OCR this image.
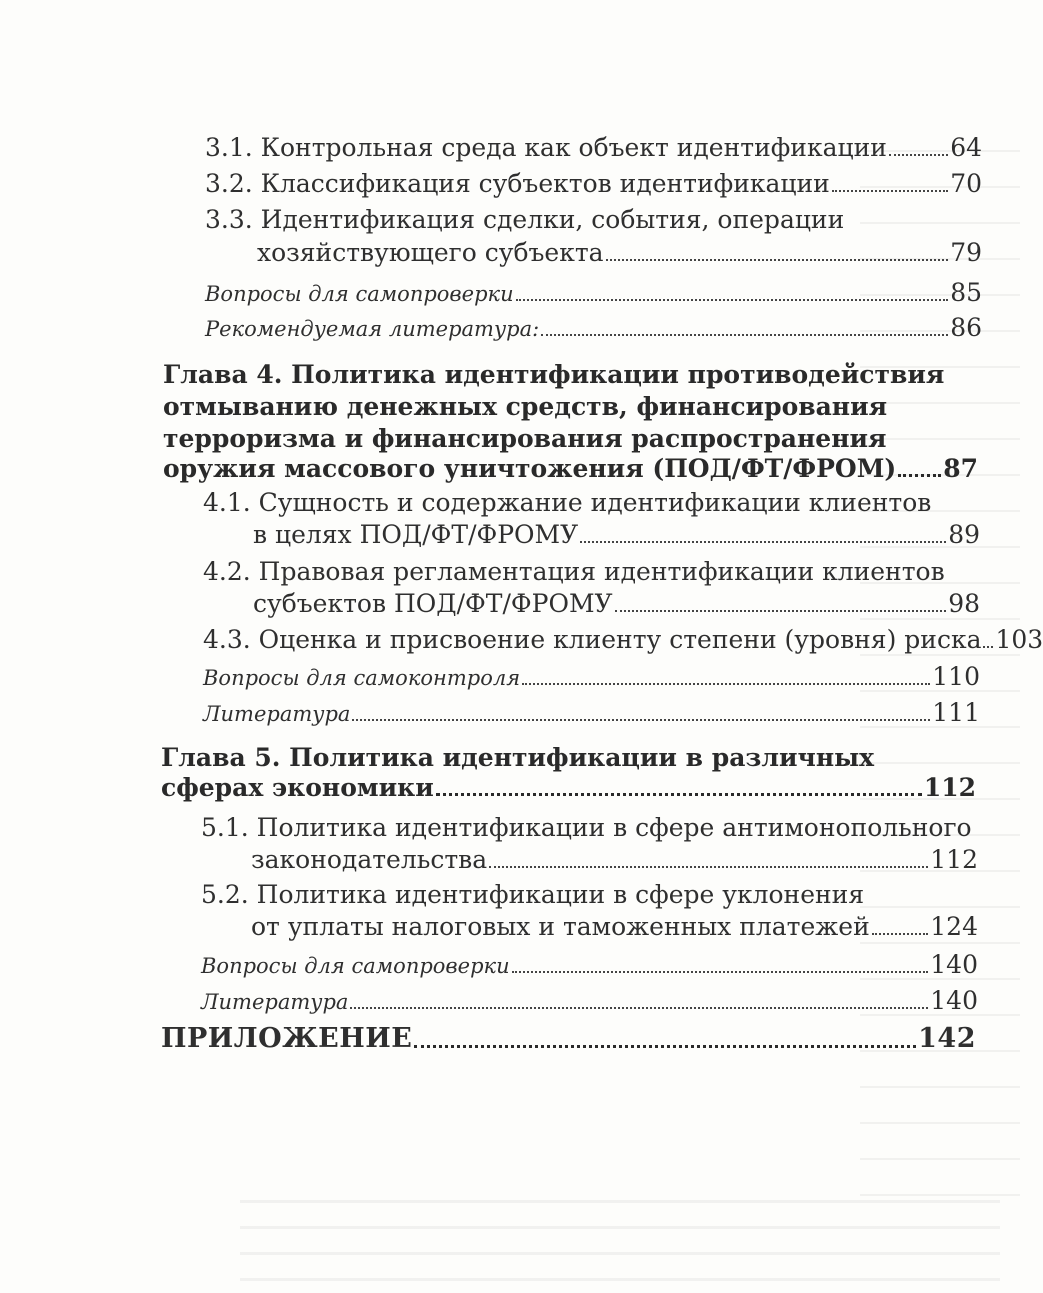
3.1. Контрольная среда как объект идентификации	64
3.2. Классификация субъектов идентификации	70
3.3. Идентификация сделки, события, операции
хозяйствующего субъекта	79
Вопросы для самопроверки	85
Рекомендуемая литература:	86
Глава 4. Политика идентификации противодействия
отмыванию денежных средств, финансирования
терроризма и финансирования распространения
оружия массового уничтожения (ПОД/ФТ/ФРОМ) 87
4.1. Сущность и содержание идентификации клиентов
в целях ПОД/ФТ/ФРОМУ	89
4.2. Правовая регламентация идентификации клиентов
субъектов ПОД/ФТ/ФРОМУ	98
4.3. Оценка и присвоение клиенту степени (уровня) риска 103
Вопросы для самоконтроля	110
Литература	111
Глава 5. Политика идентификации в различных
сферах экономики	112
5.1. Политика идентификации в сфере антимонопольного
законодательства	112
5.2. Политика идентификации в сфере уклонения
от уплаты налоговых и таможенных платежей 124
Вопросы для самопроверки	140
Литература	140
ПРИЛОЖЕНИЕ	142
